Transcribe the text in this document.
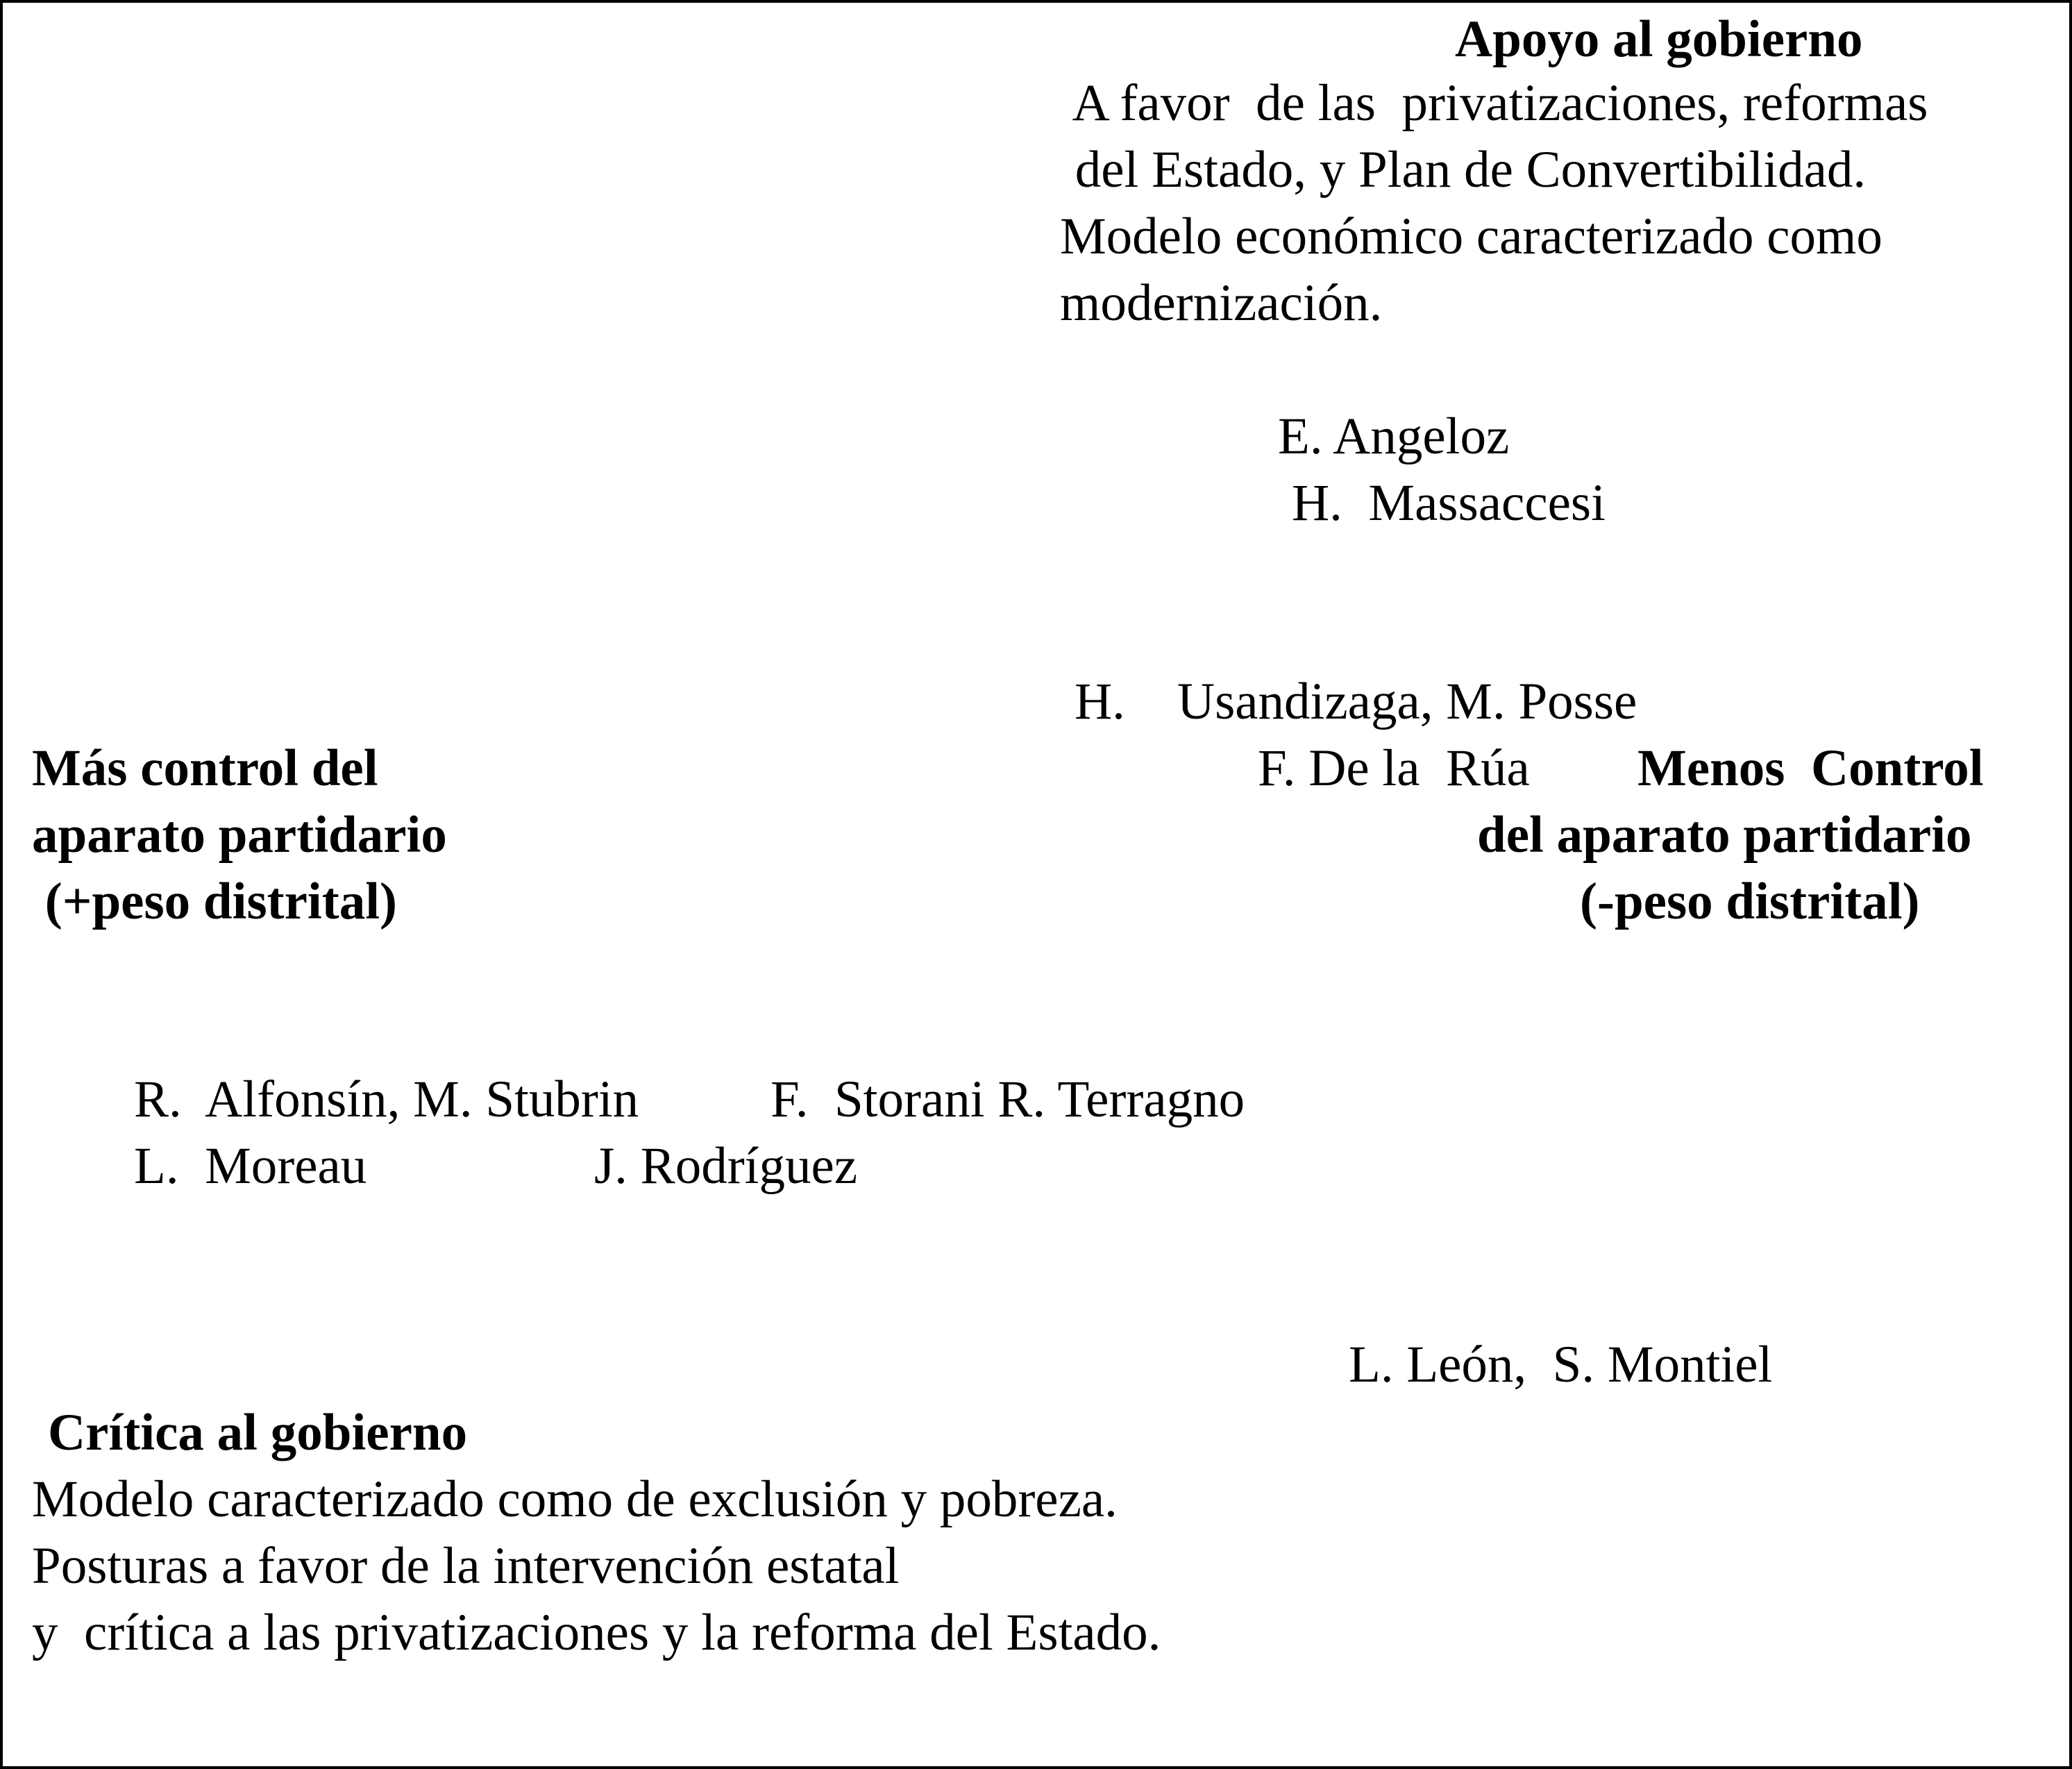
Apoyo al gobierno
A favor  de las  privatizaciones, reformas
del Estado, y Plan de Convertibilidad.
Modelo económico caracterizado como
modernización.
E. Angeloz
H.  Massaccesi
H.    Usandizaga, M. Posse
F. De la  Rúa
Más control del
aparato partidario
(+peso distrital)
Menos  Control
del aparato partidario
(-peso distrital)
R.  Alfonsín, M. Stubrin	F.  Storani R. Terragno
L.  Moreau	J. Rodríguez
L. León,  S. Montiel
Crítica al gobierno
Modelo caracterizado como de exclusión y pobreza.
Posturas a favor de la intervención estatal
y  crítica a las privatizaciones y la reforma del Estado.
